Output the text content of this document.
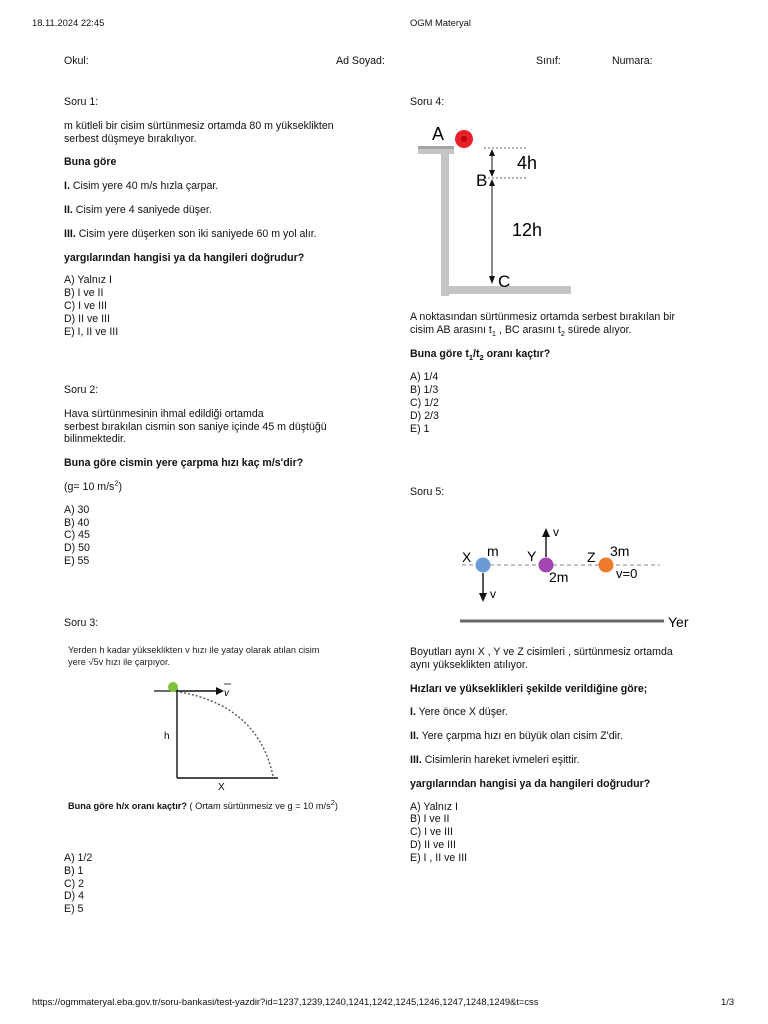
18.11.2024 22:45	OGM Materyal
Okul:	Ad Soyad:	Sınıf:	Numara:

Soru 1:

m kütleli bir cisim sürtünmesiz ortamda 80 m yükseklikten

serbest düşmeye bırakılıyor.

Buna göre

I. Cisim yere 40 m/s hızla çarpar.

II. Cisim yere 4 saniyede düşer.

III. Cisim yere düşerken son iki saniyede 60 m yol alır.

yargılarından hangisi ya da hangileri doğrudur?

A) Yalnız I

B) I ve II

C) I ve III

D) II ve III

E) I, II ve III

Soru 2:

Hava sürtünmesinin ihmal edildiği ortamda

serbest bırakılan cismin son saniye içinde 45 m düştüğü

bilinmektedir.

Buna göre cismin yere çarpma hızı kaç m/s'dir?

(g= 10 $m/s^2$)

A) 30

B) 40

C) 45

D) 50

E) 55

Soru 3:
Yerden h kadar yükseklikten v hızı ile yatay olarak atılan cisim
yere √5v hızı ile çarpıyor.
h
X
v
Buna göre h/x oranı kaçtır? ( Ortam sürtünmesiz ve g = 10 $m/s^2$)

A) 1/2

B) 1

C) 2

D) 4

E) 5

Soru 4:
A
B
C
4h
12h

A noktasından sürtünmesiz ortamda serbest bırakılan bir

cisim AB arasını $t_1$ , BC arasını $t_2$ sürede alıyor.

Buna göre $t_1/t_2$ oranı kaçtır?

A) 1/4

B) 1/3

C) 1/2

D) 2/3

E) 1

Soru 5:
X m
v
Y
v
2m
Z 3m
v=0
Yer

Boyutları aynı X , Y ve Z cisimleri , sürtünmesiz ortamda

aynı yükseklikten atılıyor.

Hızları ve yükseklikleri şekilde verildiğine göre;

I. Yere önce X düşer.

II. Yere çarpma hızı en büyük olan cisim Z'dir.

III. Cisimlerin hareket ivmeleri eşittir.

yargılarından hangisi ya da hangileri doğrudur?

A) Yalnız I

B) I ve II

C) I ve III

D) II ve III

E) I , II ve III

https://ogmmateryal.eba.gov.tr/soru-bankasi/test-yazdir?id=1237,1239,1240,1241,1242,1245,1246,1247,1248,1249&t=css	1/3
